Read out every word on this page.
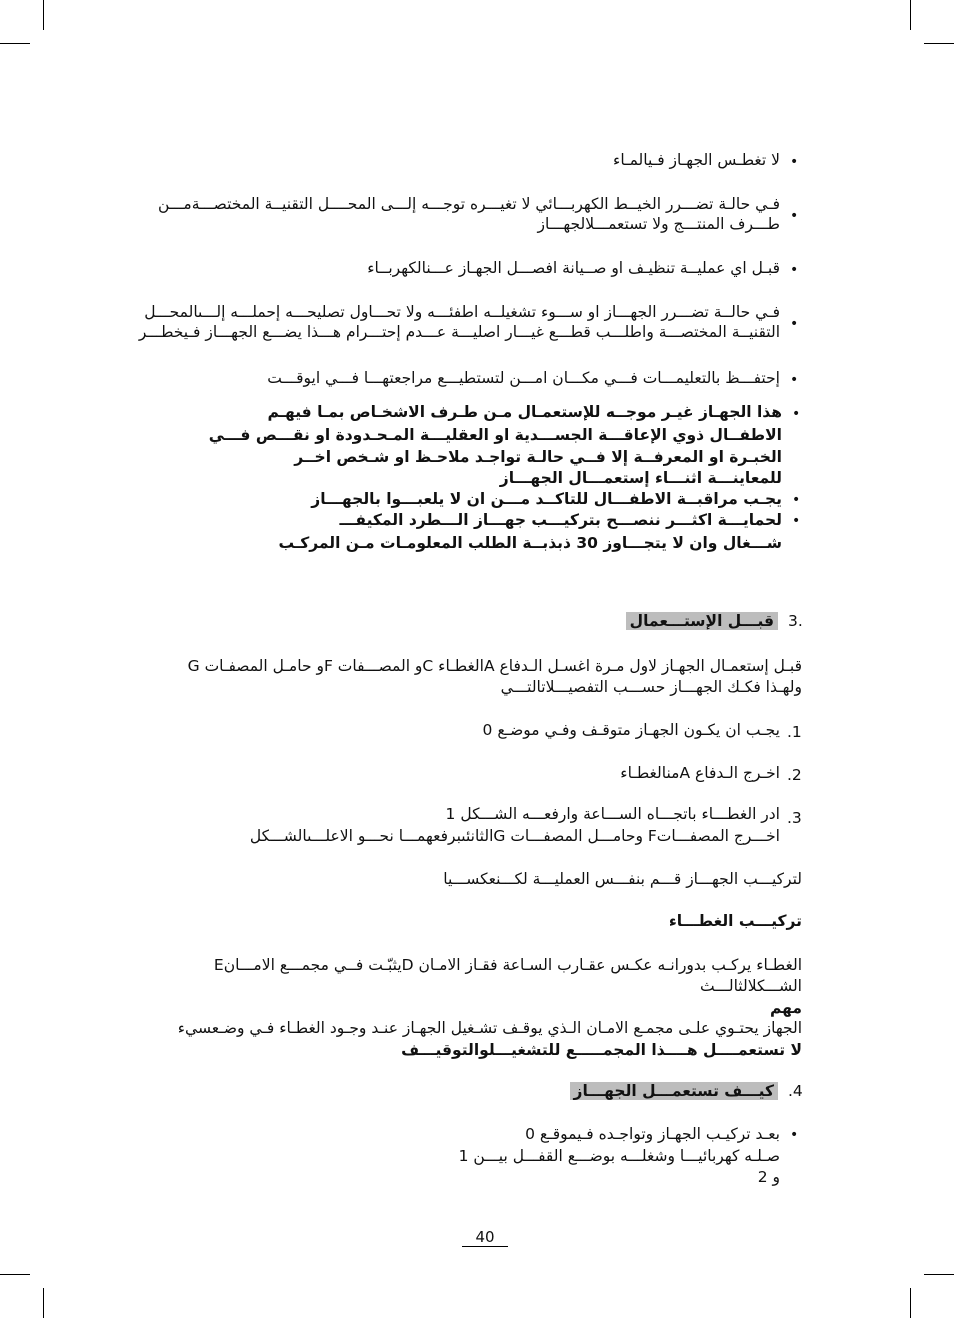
•
لا تغطـس الجهـاز فـيالمـاء
فـي حالـة تضـــرر الخيــط الكهربـــائي لا تغيـــره توجـــه إلـــى المحــــل التقنيــة المختصـــةمـــن
•
طـــرف المنتـــج ولا تستعمـــلالجهـــاز
•
قبـل اي عمليــة تنظيـف او صــيانة افصـــل الجهـاز عـــنالكهربــاء
فـي حالــة تضـــرر الجهـــاز او ســـوء تشغيلــه اطفئـــه ولا تحـــاول تصليحـــه إحملـــه إلـــىالمحـــل
•
التقنيــة المختصـــة واطلـــب قطـــع غيـــار اصليـــة عـــدم إحتـــرام هـــذا يضـــع الجهـــاز فـيخطـــر
•
إحتفـــظ بالتعليمـــات فـــي مكـــان امـــن لتستطيـــع مراجعتهـــا فـــي ايوقـــت
•
هذا الجهـاز غيـر موجــه للإستعمـال مـن طـرف الاشخـاص بمـا فيهـم
الاطفــال ذوي الإعاقـــة الجســـدية او العقليـــة المـحـدودة او نقـــص فـــي
الخبـرة او المعرفــة إلا فــي حالـة تواجـد ملاحـظ او شـخص اخــر
للمعاينـــة اثنـــاء إستعمـــال الجهـــاز
•
يجـب مراقبــة الاطفـــال للتاكــد مـــن ان لا يلعبـــوا بالجهـــاز
•
لحمايـــة اكثـــر ننصـــح بتركيـــب جهـــاز الـــطرد المكيفـــ
شـــغال وان لا يتجـــاوز 30 ذبذبــة الطلب المعلومـات مـن المركـب
3.
قبـــل الإستـــعمال
قبـل إستعمـال الجهـاز لاول مـرة اغسـل الـدفاع Aالغطـاء Cو المصـــفات Fو حامـل المصفـات G
ولهـذا فكـك الجهـــاز حســـب التفصيـــلاتالتـــي
.1
يجـب ان يكـون الجهـاز متوقـف وفـي موضـع 0
.2
اخـرج الـدفاع Aمنالغطـاء
.3
ادر الغطـــاء باتجـــاه الســـاعة وارفعـــه الشـــكل 1
اخـــرج المصفـــاتF وحامـــل المصفـــات Gالثانئىبرفعهمـــا نحـــو الاعلـــىالشـــكل
لتركيـــب الجهـــاز قـــم بنفـــس العمليـــة لكـــنعكســـيا
تركيـــب الغطـــاء
الغطـاء يركـب بدورانـه عكـس عقـارب السـاعة فقـاز الامـان Dيثبّـت فــي مجمـــع الامـــانE
الشـــكلالثالـــث
مهم
الجهاز يحتـوي علـى مجمـع الامـان الـذي يوقـف تشـغيل الجهـاز عنـد وجـود الغطـاء فـي وضـعسيء
لا تستعمــــل هــــذا المجمـــــع للتشغيـــلوالتوقيـــف
.4
كيـــف تستعمـــل الجهـــاز
•
بعـد تركيـب الجهـاز وتواجـده فـيموقـع 0
صـلـه كهربائيـــا وشغلـــه بوضـــع القفـــل بيـــن 1
و 2
40
